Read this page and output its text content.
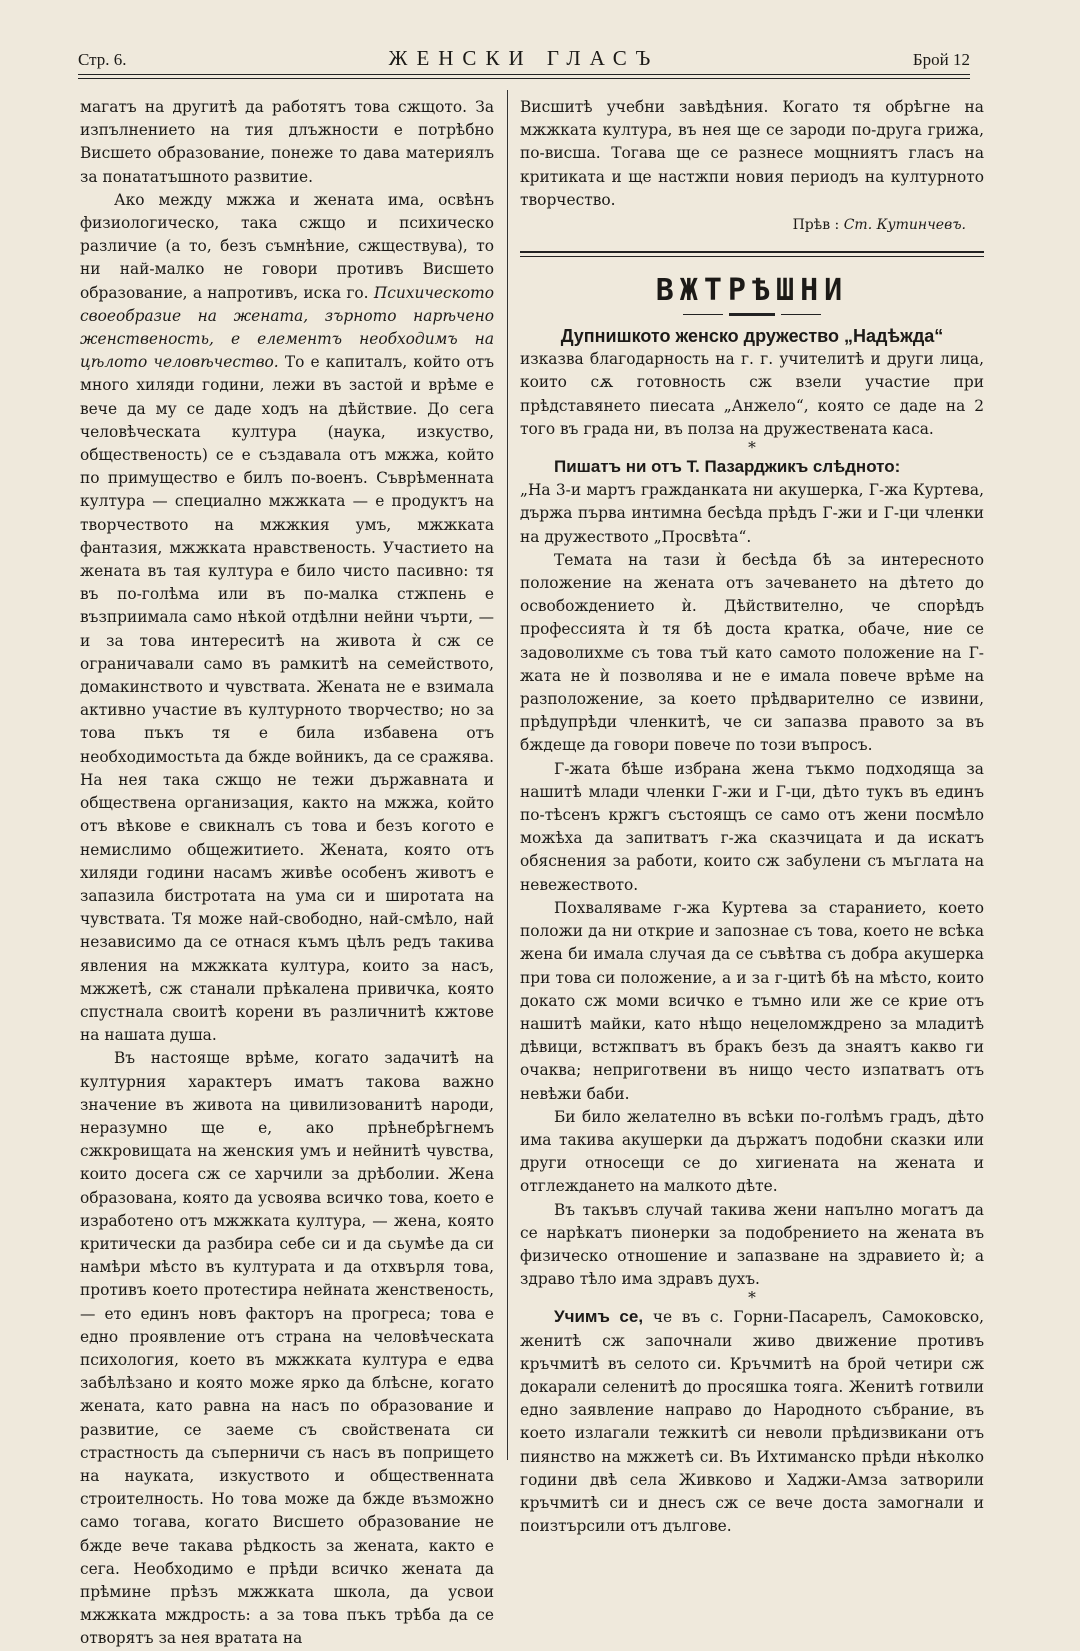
Стр. 6.	ЖЕНСКИ ГЛАСЪ	Брой 12

магатъ на другитѣ да работятъ това сжщото. За изпълнението на тия длъжности е потрѣбно Висшето образование, понеже то дава материялъ за понататъшното развитие.

Ако между мжжа и жената има, освѣнъ физиологическо, така сжщо и психическо различие (а то, безъ съмнѣние, сжществува), то ни най-малко не говори противъ Висшето образование, а напротивъ, иска го. Психическото своеобразие на жената, зърното нарѣчено женственость, е елементъ необходимъ на цѣлото человѣчество. То е капиталъ, който отъ много хиляди години, лежи въ застой и врѣме е вече да му се даде ходъ на дѣйствие. До сега человѣческата култура (наука, изкуство, общественость) се е създавала отъ мжжа, който по примущество е билъ по-военъ. Съврѣменната култура — специално мжжката — е продуктъ на творчеството на мжжкия умъ, мжжката фантазия, мжжката нравственость. Участието на жената въ тая култура е било чисто пасивно: тя въ по-голѣма или въ по-малка стжпень е възприимала само нѣкой отдѣлни нейни чърти, — и за това интереситѣ на живота ѝ сж се ограничавали само въ рамкитѣ на семейството, домакинството и чувствата. Жената не е взимала активно участие въ културното творчество; но за това пъкъ тя е била избавена отъ необходимостьта да бжде войникъ, да се сражява. На нея така сжщо не тежи държавната и обществена организация, както на мжжа, който отъ вѣкове е свикналъ съ това и безъ когото е немислимо общежитието. Жената, която отъ хиляди години насамъ живѣе особенъ животъ е запазила бистротата на ума си и широтата на чувствата. Тя може най-свободно, най-смѣло, най независимо да се отнася къмъ цѣлъ редъ такива явления на мжжката култура, които за насъ, мжжетѣ, сж станали прѣкалена привичка, която спустнала своитѣ корени въ различнитѣ кжтове на нашата душа.

Въ настояще врѣме, когато задачитѣ на културния характеръ иматъ такова важно значение въ живота на цивилизованитѣ народи, неразумно ще е, ако прѣнебрѣгнемъ сжкровищата на женския умъ и нейнитѣ чувства, които досега сж се харчили за дрѣболии. Жена образована, която да усвоява всичко това, което е изработено отъ мжжката култура, — жена, която критически да разбира себе си и да сьумѣе да си намѣри мѣсто въ културата и да отхвърля това, противъ което протестира нейната женственость, — ето единъ новъ факторъ на прогреса; това е едно проявление отъ страна на человѣческата психология, което въ мжжката култура е едва забѣлѣзано и която може ярко да блѣсне, когато жената, като равна на насъ по образование и развитие, се заеме съ свойствената си страстность да съперничи съ насъ въ попрището на науката, изкуството и общественната строителность. Но това може да бжде възможно само тогава, когато Висшето образование не бжде вече такава рѣдкость за жената, както е сега. Необходимо е прѣди всичко жената да прѣмине прѣзъ мжжката школа, да усвои мжжката мждрость: а за това пъкъ трѣба да се отворятъ за нея вратата на

Висшитѣ учебни завѣдѣния. Когато тя обрѣгне на мжжката култура, въ нея ще се зароди по-друга грижа, по-висша. Тогава ще се разнесе мощниятъ гласъ на критиката и ще настжпи новия периодъ на културното творчество.

Прѣв : Ст. Кутинчевъ.

ВЖТРѢШНИ
Дупнишкото женско дружество „Надѣжда“

изказва благодарность на г. г. учителитѣ и други лица, които сѫ готовность сж взели участие при прѣдставянето пиесата „Анжело“, която се даде на 2 того въ града ни, въ полза на дружествената каса.

*

Пишатъ ни отъ Т. Пазарджикъ слѣдното:

„На 3-и мартъ гражданката ни акушерка, Г-жа Куртева, държа първа интимна бесѣда прѣдъ Г-жи и Г-ци членки на дружеството „Просвѣта“.

Темата на тази ѝ бесѣда бѣ за интересното положение на жената отъ зачеването на дѣтето до освобождението ѝ. Дѣйствително, че спорѣдъ профессията ѝ тя бѣ доста кратка, обаче, ние се задоволихме съ това тъй като самото положение на Г-жата не ѝ позволява и не е имала повече врѣме на разположение, за което прѣдварително се извини, прѣдупрѣди членкитѣ, че си запазва правото за въ бждеще да говори повече по този въпросъ.

Г-жата бѣше избрана жена тъкмо подходяща за нашитѣ млади членки Г-жи и Г-ци, дѣто тукъ въ единъ по-тѣсенъ кржгъ състоящъ се само отъ жени посмѣло можѣха да запитватъ г-жа сказчицата и да искатъ обяснения за работи, които сж забулени съ мъглата на невежеството.

Похваляваме г-жа Куртева за старанието, което положи да ни открие и запознае съ това, което не всѣка жена би имала случая да се съвѣтва съ добра акушерка при това си положение, а и за г-цитѣ бѣ на мѣсто, които докато сж моми всичко е тъмно или же се крие отъ нашитѣ майки, като нѣщо нецеломждрено за младитѣ дѣвици, встжпватъ въ бракъ безъ да знаятъ какво ги очаква; неприготвени въ нищо често изпатватъ отъ невѣжи баби.

Би било желателно въ всѣки по-голѣмъ градъ, дѣто има такива акушерки да държатъ подобни сказки или други относещи се до хигиената на жената и отглеждането на малкото дѣте.

Въ такъвъ случай такива жени напълно могатъ да се нарѣкатъ пионерки за подобрението на жената въ физическо отношение и запазване на здравието ѝ; а здраво тѣло има здравъ духъ.

*

Учимъ се, че въ с. Горни-Пасарелъ, Самоковско, женитѣ сж започнали живо движение противъ кръчмитѣ въ селото си. Кръчмитѣ на брой четири сж докарали селенитѣ до просяшка тояга. Женитѣ готвили едно заявление направо до Народното събрание, въ което излагали тежкитѣ си неволи прѣдизвикани отъ пиянство на мжжетѣ си. Въ Ихтиманско прѣди нѣколко години двѣ села Живково и Хаджи-Амза затворили кръчмитѣ си и днесъ сж се вече доста замогнали и поизтърсили отъ дългове.
